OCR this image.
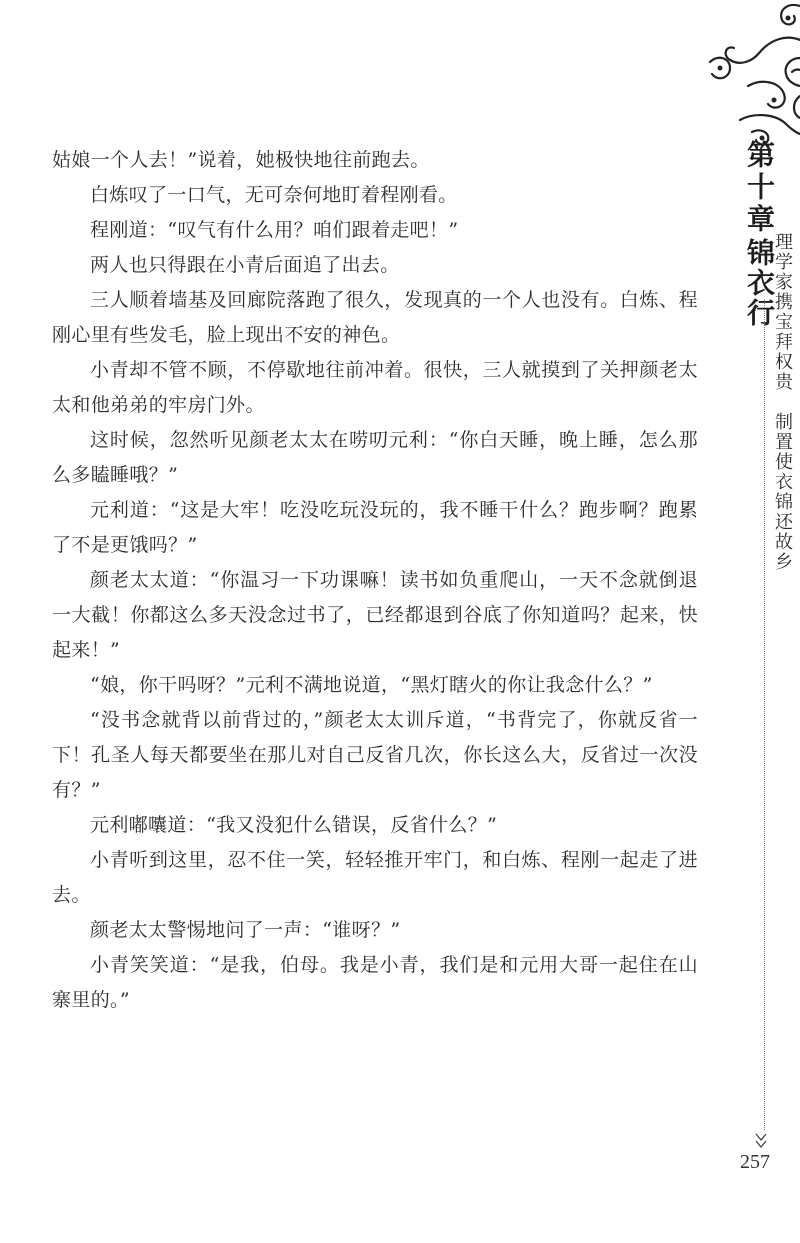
第十章
锦衣行
理学家携宝拜权贵　制置使衣锦还故乡
257

姑娘一个人去！”说着，她极快地往前跑去。

白炼叹了一口气，无可奈何地盯着程刚看。

程刚道：“叹气有什么用？咱们跟着走吧！”

两人也只得跟在小青后面追了出去。

三人顺着墙基及回廊院落跑了很久，发现真的一个人也没有。白炼、程刚心里有些发毛，脸上现出不安的神色。

小青却不管不顾，不停歇地往前冲着。很快，三人就摸到了关押颜老太太和他弟弟的牢房门外。

这时候，忽然听见颜老太太在唠叨元利：“你白天睡，晚上睡，怎么那么多瞌睡哦？”

元利道：“这是大牢！吃没吃玩没玩的，我不睡干什么？跑步啊？跑累了不是更饿吗？”

颜老太太道：“你温习一下功课嘛！读书如负重爬山，一天不念就倒退一大截！你都这么多天没念过书了，已经都退到谷底了你知道吗？起来，快起来！”

“娘，你干吗呀？”元利不满地说道，“黑灯瞎火的你让我念什么？”

“没书念就背以前背过的，”颜老太太训斥道，“书背完了，你就反省一下！孔圣人每天都要坐在那儿对自己反省几次，你长这么大，反省过一次没有？”

元利嘟囔道：“我又没犯什么错误，反省什么？”

小青听到这里，忍不住一笑，轻轻推开牢门，和白炼、程刚一起走了进去。

颜老太太警惕地问了一声：“谁呀？”

小青笑笑道：“是我，伯母。我是小青，我们是和元用大哥一起住在山寨里的。”
